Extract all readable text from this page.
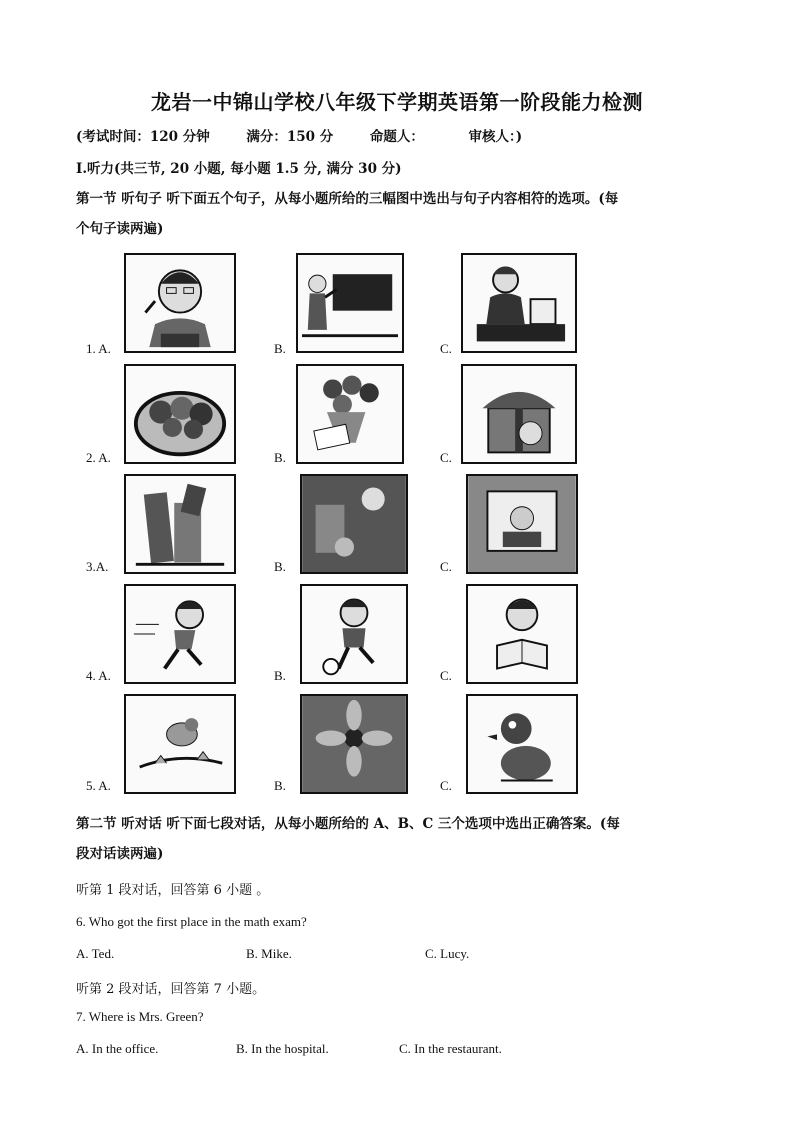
龙岩一中锦山学校八年级下学期英语第一阶段能力检测
(考试时间：120 分钟	满分：150 分	命题人：	审核人：)
Ⅰ.听力(共三节, 20 小题, 每小题 1.5 分, 满分 30 分)
第一节 听句子 听下面五个句子，从每小题所给的三幅图中选出与句子内容相符的选项。(每
个句子读两遍)
1. A.	B.	C.
2. A.	B.	C.
3.A.	B.	C.
4. A.	B.	C.
5. A.	B.	C.
第二节 听对话 听下面七段对话，从每小题所给的 A、B、C 三个选项中选出正确答案。(每
段对话读两遍)
听第 1 段对话，回答第 6 小题 。
6. Who got the first place in the math exam?
A. Ted.	B. Mike.	C. Lucy.
听第 2 段对话，回答第 7 小题。
7. Where is Mrs. Green?
A. In the office.	B. In the hospital.	C. In the restaurant.
